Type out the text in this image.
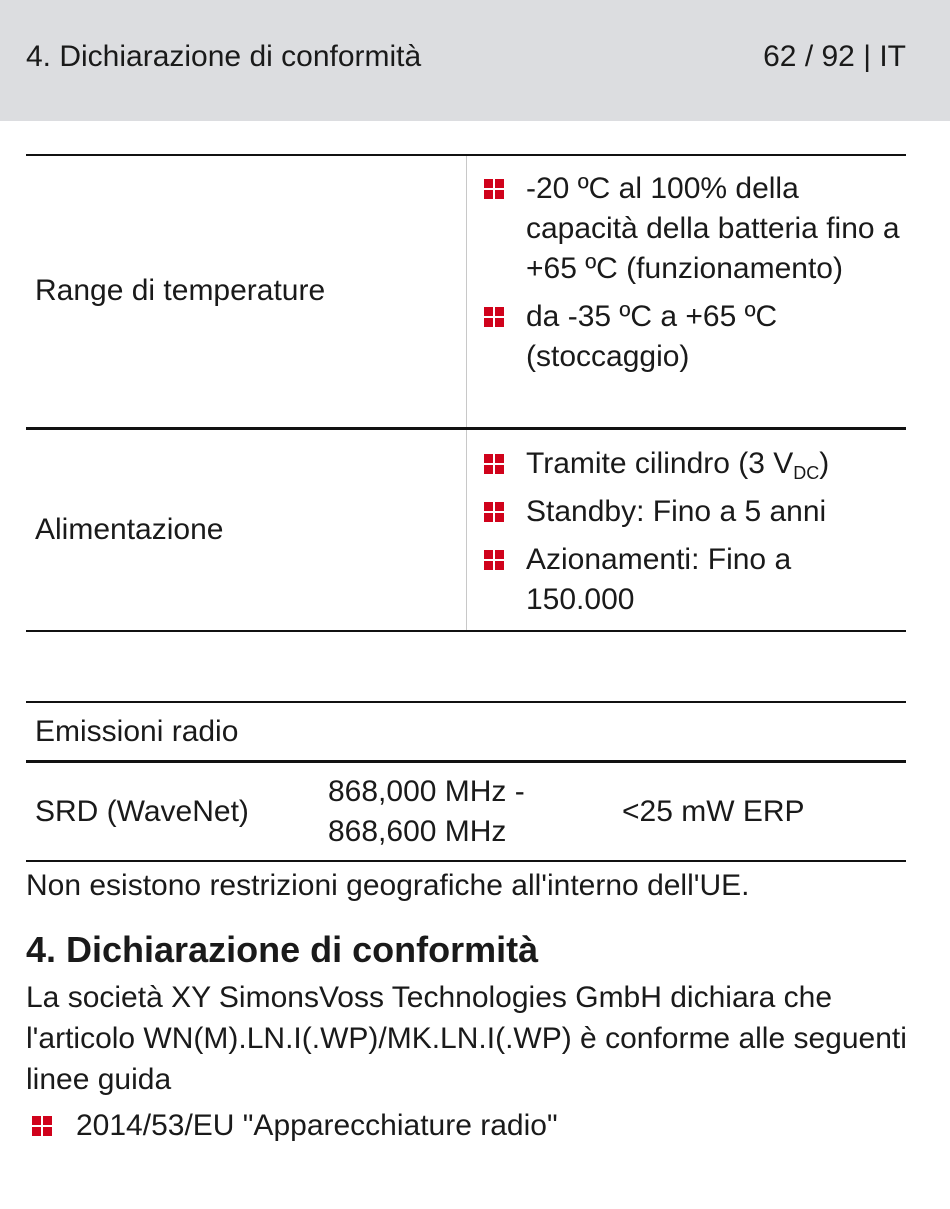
4. Dichiarazione di conformità	62 / 92 | IT
Range di temperature
-20 ºC al 100% della capacità della batteria fino a +65 ºC (funzionamento)
da -35 ºC a +65 ºC (stoccaggio)
Alimentazione
Tramite cilindro (3 $V_{DC}$)
Standby: Fino a 5 anni
Azionamenti: Fino a 150.000
Emissioni radio
SRD (WaveNet)
868,000 MHz - 868,600 MHz
<25 mW ERP
Non esistono restrizioni geografiche all'interno dell'UE.
4. Dichiarazione di conformità
La società XY SimonsVoss Technologies GmbH dichiara che l'articolo WN(M).LN.I(.WP)/MK.LN.I(.WP) è conforme alle seguenti linee guida
2014/53/EU "Apparecchiature radio"
